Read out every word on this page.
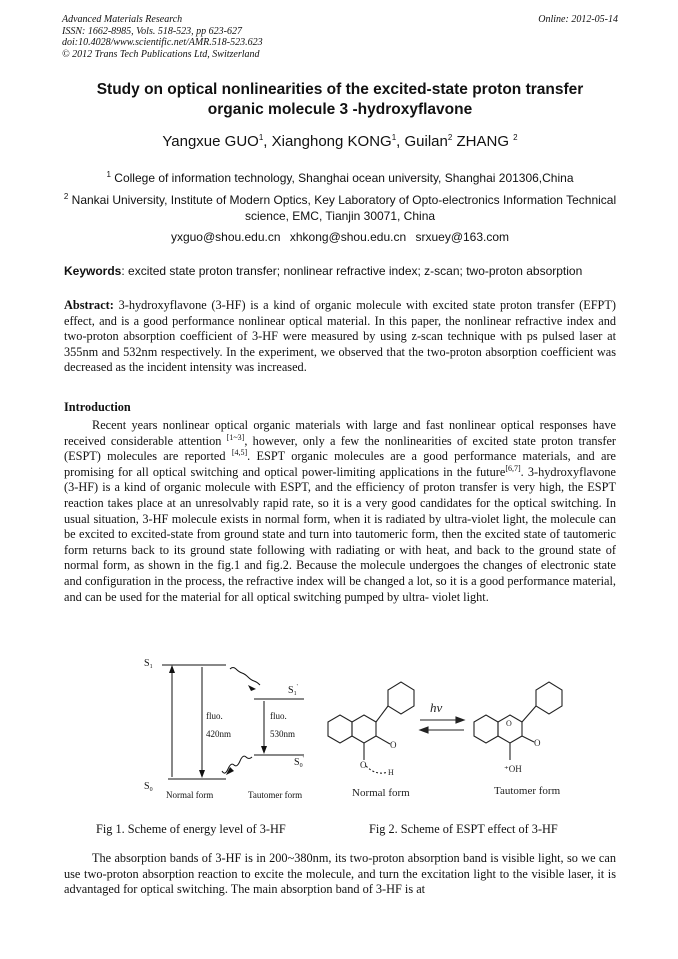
Advanced Materials Research
ISSN: 1662-8985, Vols. 518-523, pp 623-627
doi:10.4028/www.scientific.net/AMR.518-523.623
© 2012 Trans Tech Publications Ltd, Switzerland
Online: 2012-05-14
Study on optical nonlinearities of the excited-state proton transfer
organic molecule 3 -hydroxyflavone
Yangxue GUO$^1$, Xianghong KONG$^1$, Guilan$^2$ ZHANG $^2$
$^1$ College of information technology, Shanghai ocean university, Shanghai 201306,China
$^2$ Nankai University, Institute of Modern Optics, Key Laboratory of Opto-electronics Information Technical science, EMC, Tianjin 30071, China
yxguo@shou.edu.cn xhkong@shou.edu.cn srxuey@163.com
Keywords: excited state proton transfer; nonlinear refractive index; z-scan; two-proton absorption
Abstract: 3-hydroxyflavone (3-HF) is a kind of organic molecule with excited state proton transfer (EFPT) effect, and is a good performance nonlinear optical material. In this paper, the nonlinear refractive index and two-proton absorption coefficient of 3-HF were measured by using z-scan technique with ps pulsed laser at 355nm and 532nm respectively. In the experiment, we observed that the two-proton absorption coefficient was decreased as the incident intensity was increased.
Introduction
Recent years nonlinear optical organic materials with large and fast nonlinear optical responses have received considerable attention [1~3], however, only a few the nonlinearities of excited state proton transfer (ESPT) molecules are reported [4,5]. ESPT organic molecules are a good performance materials, and are promising for all optical switching and optical power-limiting applications in the future[6,7]. 3-hydroxyflavone (3-HF) is a kind of organic molecule with ESPT, and the efficiency of proton transfer is very high, the ESPT reaction takes place at an unresolvably rapid rate, so it is a very good candidates for the optical switching. In usual situation, 3-HF molecule exists in normal form, when it is radiated by ultra-violet light, the molecule can be excited to excited-state from ground state and turn into tautomeric form, then the excited state of tautomeric form returns back to its ground state following with radiating or with heat, and back to the ground state of normal form, as shown in the fig.1 and fig.2. Because the molecule undergoes the changes of electronic state and configuration in the process, the refractive index will be changed a lot, so it is a good performance material, and can be used for the material for all optical switching pumped by ultra- violet light.
$S_1$
$S_0$
$S_1'$
$S_0'$
fluo.
420nm
fluo.
530nm
Normal form	Tautomer form
hv
O
O
H
O
O
⁺OH
Normal form	Tautomer form
Fig 1. Scheme of energy level of 3-HF	Fig 2. Scheme of ESPT effect of 3-HF
The absorption bands of 3-HF is in 200~380nm, its two-proton absorption band is visible light, so we can use two-proton absorption reaction to excite the molecule, and turn the excitation light to the visible laser, it is advantaged for optical switching. The main absorption band of 3-HF is at
